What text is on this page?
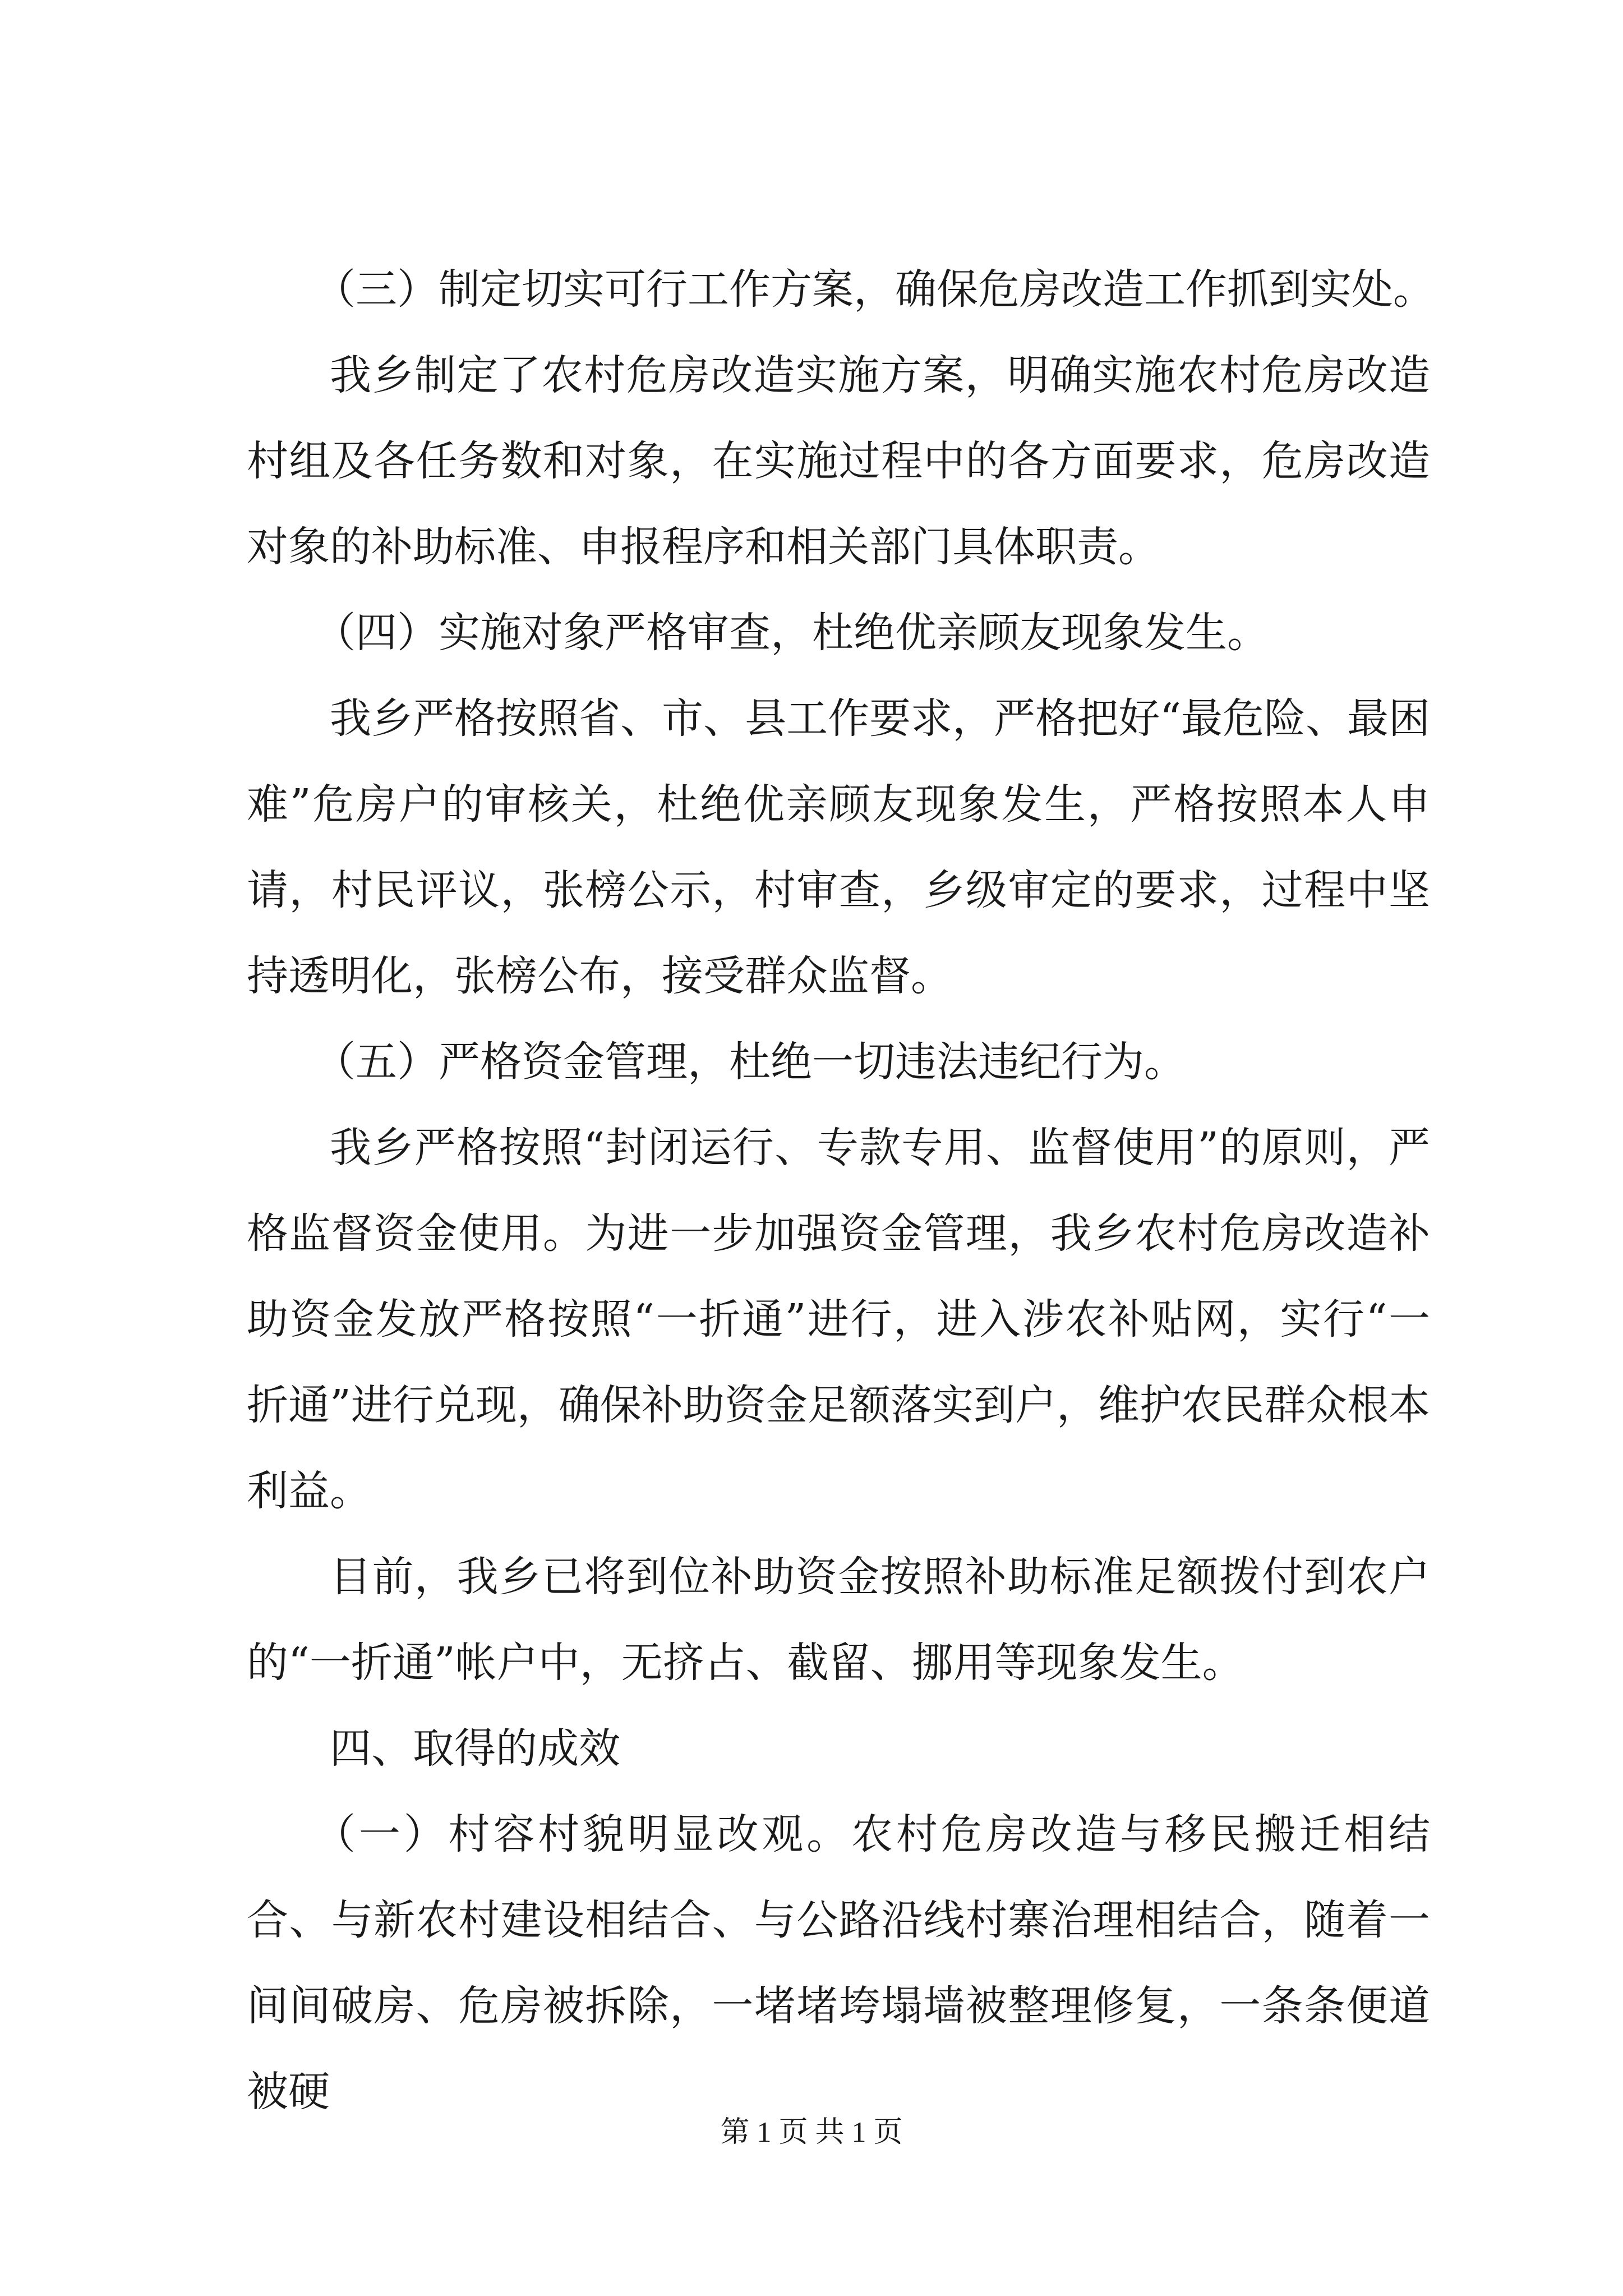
（三）制定切实可行工作方案，确保危房改造工作抓到实处。

我乡制定了农村危房改造实施方案，明确实施农村危房改造村组及各任务数和对象，在实施过程中的各方面要求，危房改造对象的补助标准、申报程序和相关部门具体职责。

（四）实施对象严格审查，杜绝优亲顾友现象发生。

我乡严格按照省、市、县工作要求，严格把好“最危险、最困难”危房户的审核关，杜绝优亲顾友现象发生，严格按照本人申请，村民评议，张榜公示，村审查，乡级审定的要求，过程中坚持透明化，张榜公布，接受群众监督。

（五）严格资金管理，杜绝一切违法违纪行为。

我乡严格按照“封闭运行、专款专用、监督使用”的原则，严格监督资金使用。为进一步加强资金管理，我乡农村危房改造补助资金发放严格按照“一折通”进行，进入涉农补贴网，实行“一折通”进行兑现，确保补助资金足额落实到户，维护农民群众根本利益。

目前，我乡已将到位补助资金按照补助标准足额拨付到农户的“一折通”帐户中，无挤占、截留、挪用等现象发生。

四、取得的成效

（一）村容村貌明显改观。农村危房改造与移民搬迁相结合、与新农村建设相结合、与公路沿线村寨治理相结合，随着一间间破房、危房被拆除，一堵堵垮塌墙被整理修复，一条条便道被硬

第 1 页 共 1 页
